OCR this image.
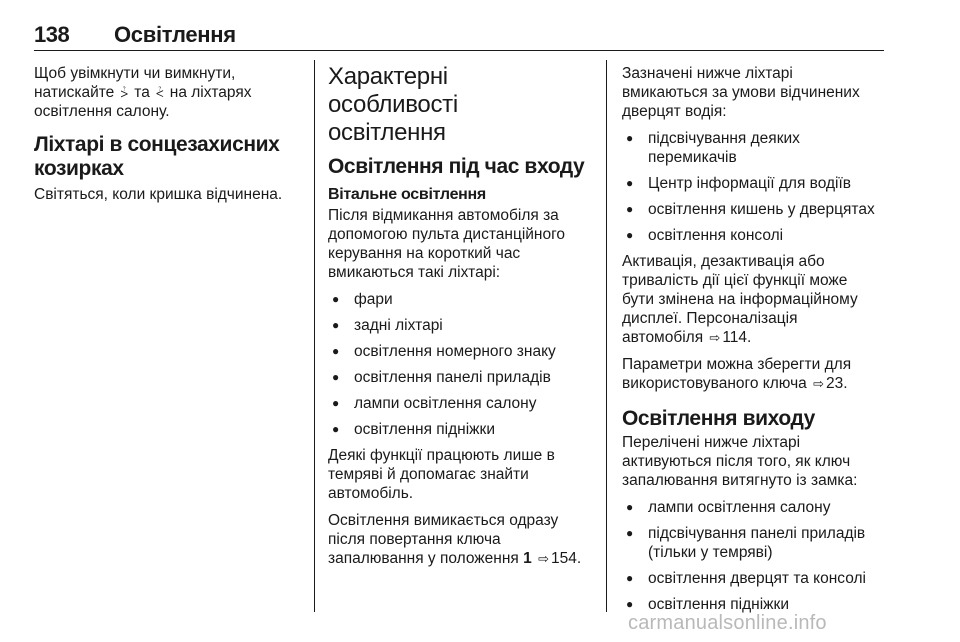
138 Освітлення

Щоб увімкнути чи вимкнути,
натискайте ⩼ та ⩻ на ліхтарях
освітлення салону.

Ліхтарі в сонцезахисних
козирках

Світяться, коли кришка відчинена.

Характерні
особливості
освітлення
Освітлення під час входу
Вітальне освітлення

Після відмикання автомобіля за
допомогою пульта дистанційного
керування на короткий час
вмикаються такі ліхтарі:

● фари
● задні ліхтарі
● освітлення номерного знаку
● освітлення панелі приладів
● лампи освітлення салону
● освітлення підніжки

Деякі функції працюють лише в
темряві й допомагає знайти
автомобіль.

Освітлення вимикається одразу
після повертання ключа
запалювання у положення 1 ⇨ 154.

Зазначені нижче ліхтарі
вмикаються за умови відчинених
дверцят водія:

● підсвічування деяких
перемикачів
● Центр інформації для водіїв
● освітлення кишень у дверцятах
● освітлення консолі

Активація, дезактивація або
тривалість дії цієї функції може
бути змінена на інформаційному
дисплеї. Персоналізація
автомобіля ⇨ 114.

Параметри можна зберегти для
використовуваного ключа ⇨ 23.

Освітлення виходу

Перелічені нижче ліхтарі
активуються після того, як ключ
запалювання витягнуто із замка:

● лампи освітлення салону
● підсвічування панелі приладів
(тільки у темряві)
● освітлення дверцят та консолі
● освітлення підніжки
carmanualsonline.info
